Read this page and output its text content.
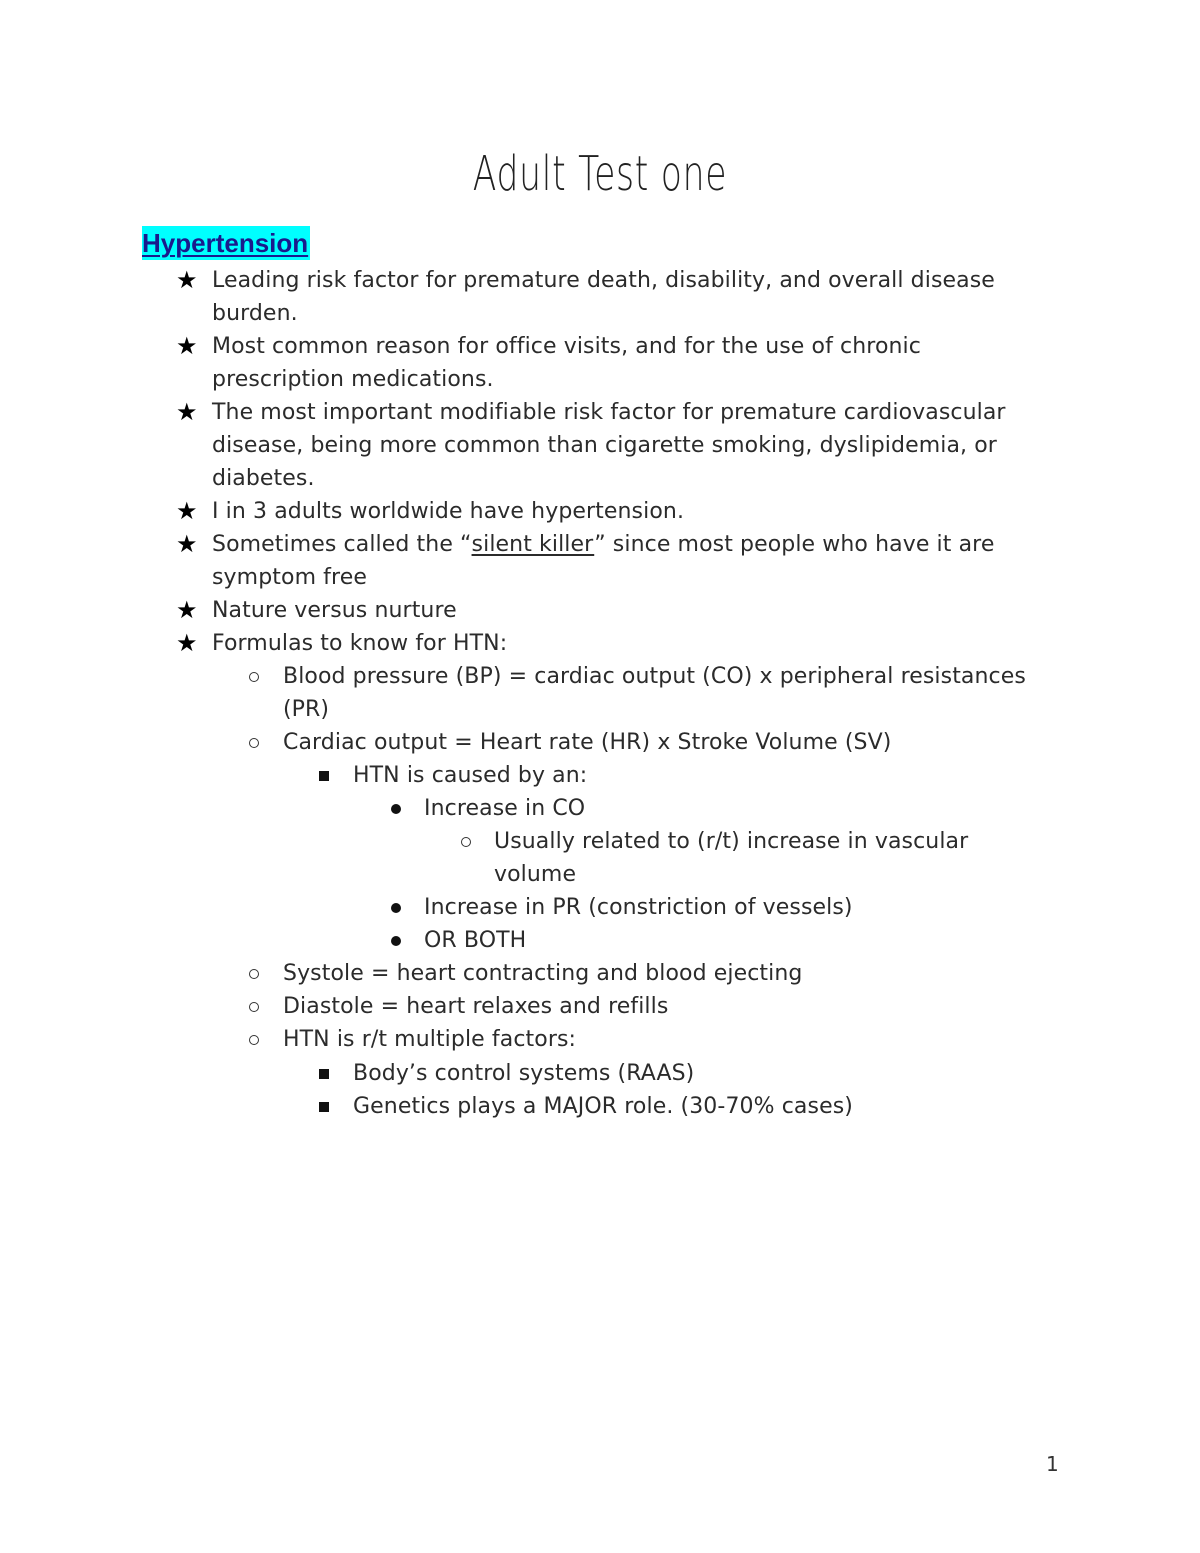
Adult Test one
Hypertension
★ Leading risk factor for premature death, disability, and overall disease
burden.
★ Most common reason for office visits, and for the use of chronic
prescription medications.
★ The most important modifiable risk factor for premature cardiovascular
disease, being more common than cigarette smoking, dyslipidemia, or
diabetes.
★ I in 3 adults worldwide have hypertension.
★ Sometimes called the “silent killer” since most people who have it are
symptom free
★ Nature versus nurture
★ Formulas to know for HTN:
Blood pressure (BP) = cardiac output (CO) x peripheral resistances
(PR)
Cardiac output = Heart rate (HR) x Stroke Volume (SV)
HTN is caused by an:
Increase in CO
Usually related to (r/t) increase in vascular
volume
Increase in PR (constriction of vessels)
OR BOTH
Systole = heart contracting and blood ejecting
Diastole = heart relaxes and refills
HTN is r/t multiple factors:
Body’s control systems (RAAS)
Genetics plays a MAJOR role. (30-70% cases)
1
